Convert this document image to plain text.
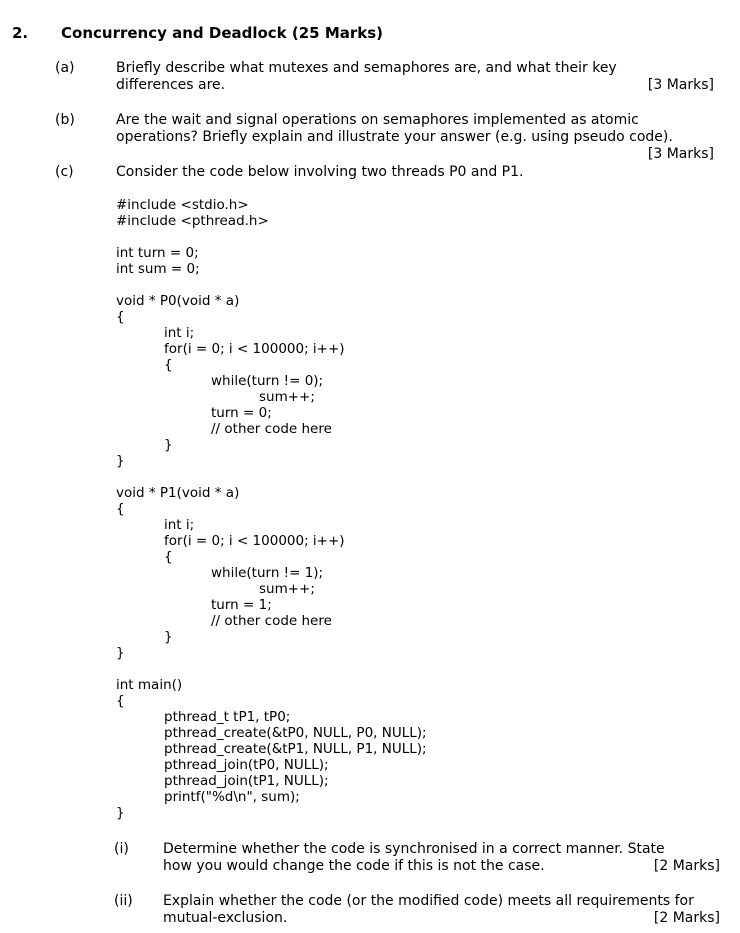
2. Concurrency and Deadlock (25 Marks)
(a)	Briefly describe what mutexes and semaphores are, and what their key
differences are.	[3 Marks]
(b)	Are the wait and signal operations on semaphores implemented as atomic
operations? Briefly explain and illustrate your answer (e.g. using pseudo code).
[3 Marks]
(c)	Consider the code below involving two threads P0 and P1.
#include <stdio.h>
#include <pthread.h>
int turn = 0;
int sum = 0;
void * P0(void * a)
{
int i;
for(i = 0; i < 100000; i++)
{
while(turn != 0);
sum++;
turn = 0;
// other code here
}
}
void * P1(void * a)
{
int i;
for(i = 0; i < 100000; i++)
{
while(turn != 1);
sum++;
turn = 1;
// other code here
}
}
int main()
{
pthread_t tP1, tP0;
pthread_create(&tP0, NULL, P0, NULL);
pthread_create(&tP1, NULL, P1, NULL);
pthread_join(tP0, NULL);
pthread_join(tP1, NULL);
printf("%d\n", sum);
}
(i) Determine whether the code is synchronised in a correct manner. State
how you would change the code if this is not the case.	[2 Marks]
(ii) Explain whether the code (or the modified code) meets all requirements for
mutual-exclusion.	[2 Marks]
